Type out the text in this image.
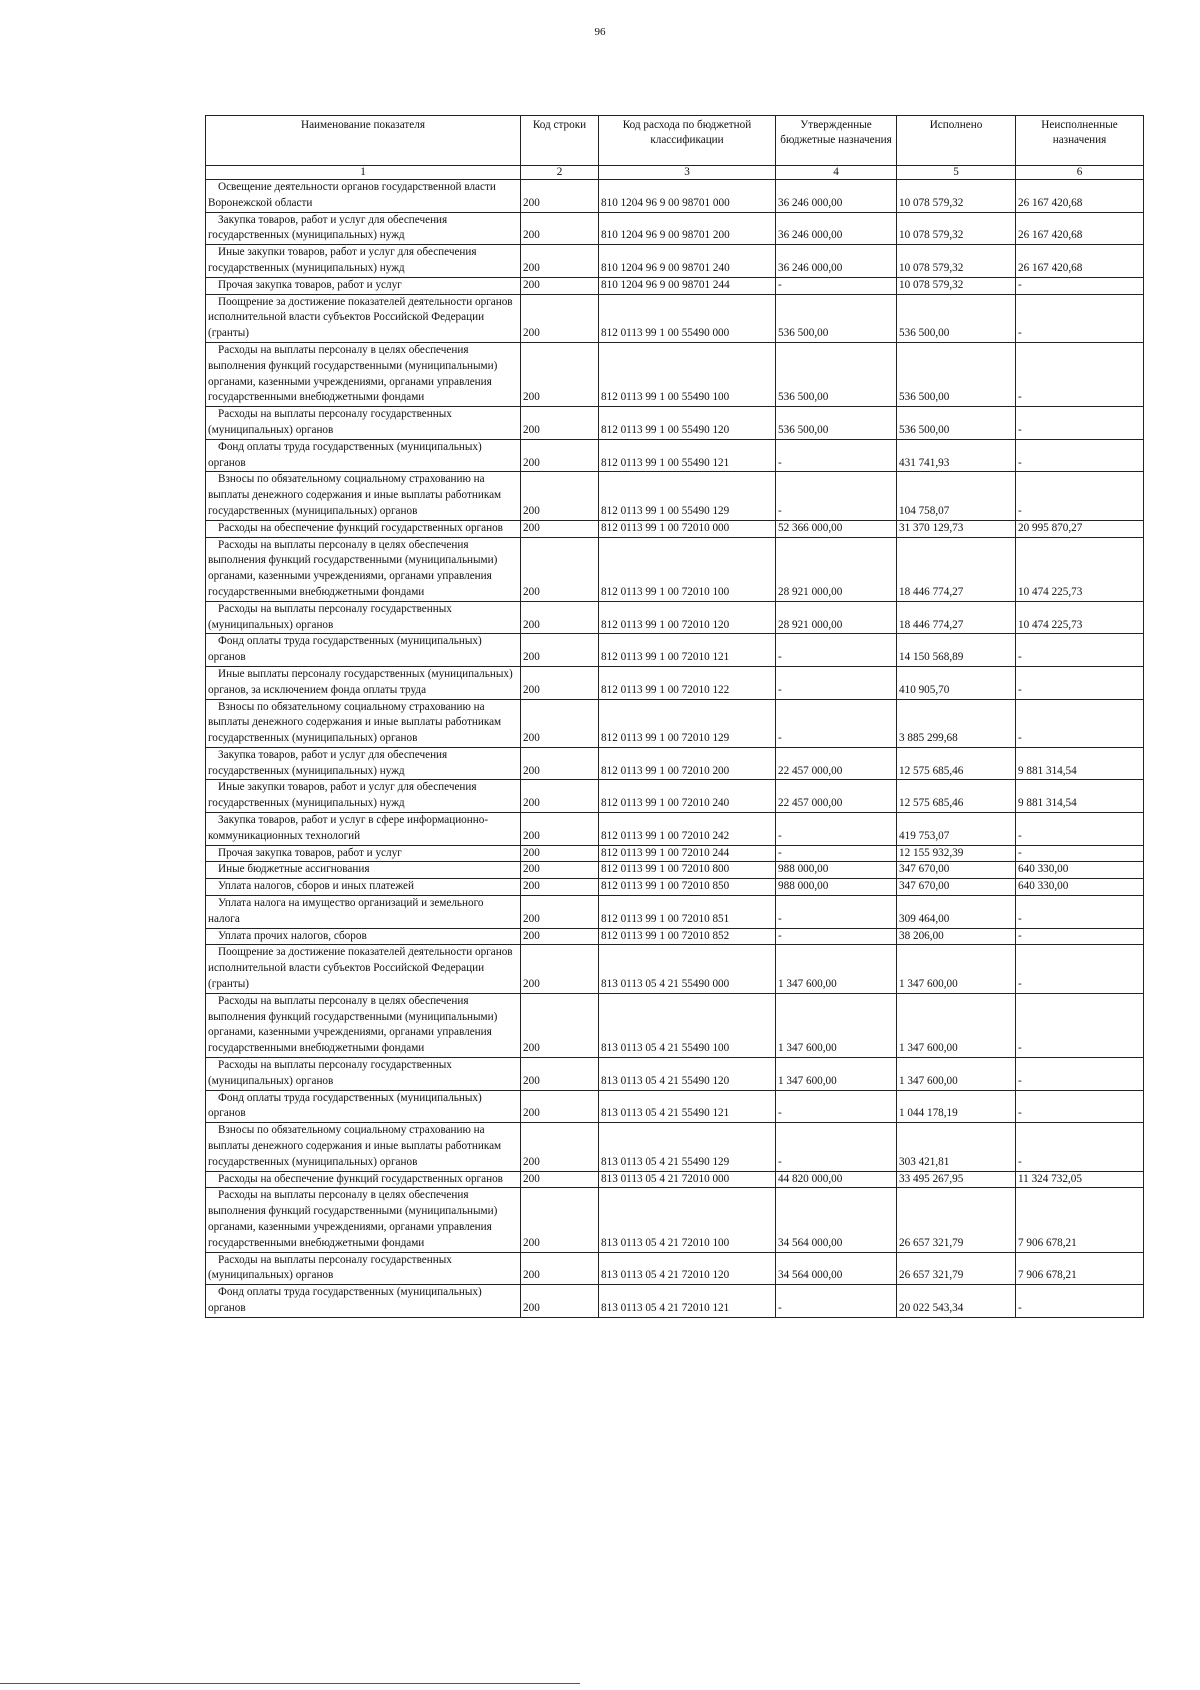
96
Наименование показателя	Код строки	Код расхода по бюджетной классификации	Утвержденные бюджетные назначения	Исполнено	Неисполненные назначения
1	2	3	4	5	6
Освещение деятельности органов государственной власти Воронежской области	200	810 1204 96 9 00 98701 000	36 246 000,00	10 078 579,32	26 167 420,68
Закупка товаров, работ и услуг для обеспечения государственных (муниципальных) нужд	200	810 1204 96 9 00 98701 200	36 246 000,00	10 078 579,32	26 167 420,68
Иные закупки товаров, работ и услуг для обеспечения государственных (муниципальных) нужд	200	810 1204 96 9 00 98701 240	36 246 000,00	10 078 579,32	26 167 420,68
Прочая закупка товаров, работ и услуг	200	810 1204 96 9 00 98701 244	-	10 078 579,32	-
Поощрение за достижение показателей деятельности органов исполнительной власти субъектов Российской Федерации (гранты)	200	812 0113 99 1 00 55490 000	536 500,00	536 500,00	-
Расходы на выплаты персоналу в целях обеспечения выполнения функций государственными (муниципальными) органами, казенными учреждениями, органами управления государственными внебюджетными фондами	200	812 0113 99 1 00 55490 100	536 500,00	536 500,00	-
Расходы на выплаты персоналу государственных (муниципальных) органов	200	812 0113 99 1 00 55490 120	536 500,00	536 500,00	-
Фонд оплаты труда государственных (муниципальных) органов	200	812 0113 99 1 00 55490 121	-	431 741,93	-
Взносы по обязательному социальному страхованию на выплаты денежного содержания и иные выплаты работникам государственных (муниципальных) органов	200	812 0113 99 1 00 55490 129	-	104 758,07	-
Расходы на обеспечение функций государственных органов	200	812 0113 99 1 00 72010 000	52 366 000,00	31 370 129,73	20 995 870,27
Расходы на выплаты персоналу в целях обеспечения выполнения функций государственными (муниципальными) органами, казенными учреждениями, органами управления государственными внебюджетными фондами	200	812 0113 99 1 00 72010 100	28 921 000,00	18 446 774,27	10 474 225,73
Расходы на выплаты персоналу государственных (муниципальных) органов	200	812 0113 99 1 00 72010 120	28 921 000,00	18 446 774,27	10 474 225,73
Фонд оплаты труда государственных (муниципальных) органов	200	812 0113 99 1 00 72010 121	-	14 150 568,89	-
Иные выплаты персоналу государственных (муниципальных) органов, за исключением фонда оплаты труда	200	812 0113 99 1 00 72010 122	-	410 905,70	-
Взносы по обязательному социальному страхованию на выплаты денежного содержания и иные выплаты работникам государственных (муниципальных) органов	200	812 0113 99 1 00 72010 129	-	3 885 299,68	-
Закупка товаров, работ и услуг для обеспечения государственных (муниципальных) нужд	200	812 0113 99 1 00 72010 200	22 457 000,00	12 575 685,46	9 881 314,54
Иные закупки товаров, работ и услуг для обеспечения государственных (муниципальных) нужд	200	812 0113 99 1 00 72010 240	22 457 000,00	12 575 685,46	9 881 314,54
Закупка товаров, работ и услуг в сфере информационно-коммуникационных технологий	200	812 0113 99 1 00 72010 242	-	419 753,07	-
Прочая закупка товаров, работ и услуг	200	812 0113 99 1 00 72010 244	-	12 155 932,39	-
Иные бюджетные ассигнования	200	812 0113 99 1 00 72010 800	988 000,00	347 670,00	640 330,00
Уплата налогов, сборов и иных платежей	200	812 0113 99 1 00 72010 850	988 000,00	347 670,00	640 330,00
Уплата налога на имущество организаций и земельного налога	200	812 0113 99 1 00 72010 851	-	309 464,00	-
Уплата прочих налогов, сборов	200	812 0113 99 1 00 72010 852	-	38 206,00	-
Поощрение за достижение показателей деятельности органов исполнительной власти субъектов Российской Федерации (гранты)	200	813 0113 05 4 21 55490 000	1 347 600,00	1 347 600,00	-
Расходы на выплаты персоналу в целях обеспечения выполнения функций государственными (муниципальными) органами, казенными учреждениями, органами управления государственными внебюджетными фондами	200	813 0113 05 4 21 55490 100	1 347 600,00	1 347 600,00	-
Расходы на выплаты персоналу государственных (муниципальных) органов	200	813 0113 05 4 21 55490 120	1 347 600,00	1 347 600,00	-
Фонд оплаты труда государственных (муниципальных) органов	200	813 0113 05 4 21 55490 121	-	1 044 178,19	-
Взносы по обязательному социальному страхованию на выплаты денежного содержания и иные выплаты работникам государственных (муниципальных) органов	200	813 0113 05 4 21 55490 129	-	303 421,81	-
Расходы на обеспечение функций государственных органов	200	813 0113 05 4 21 72010 000	44 820 000,00	33 495 267,95	11 324 732,05
Расходы на выплаты персоналу в целях обеспечения выполнения функций государственными (муниципальными) органами, казенными учреждениями, органами управления государственными внебюджетными фондами	200	813 0113 05 4 21 72010 100	34 564 000,00	26 657 321,79	7 906 678,21
Расходы на выплаты персоналу государственных (муниципальных) органов	200	813 0113 05 4 21 72010 120	34 564 000,00	26 657 321,79	7 906 678,21
Фонд оплаты труда государственных (муниципальных) органов	200	813 0113 05 4 21 72010 121	-	20 022 543,34	-
